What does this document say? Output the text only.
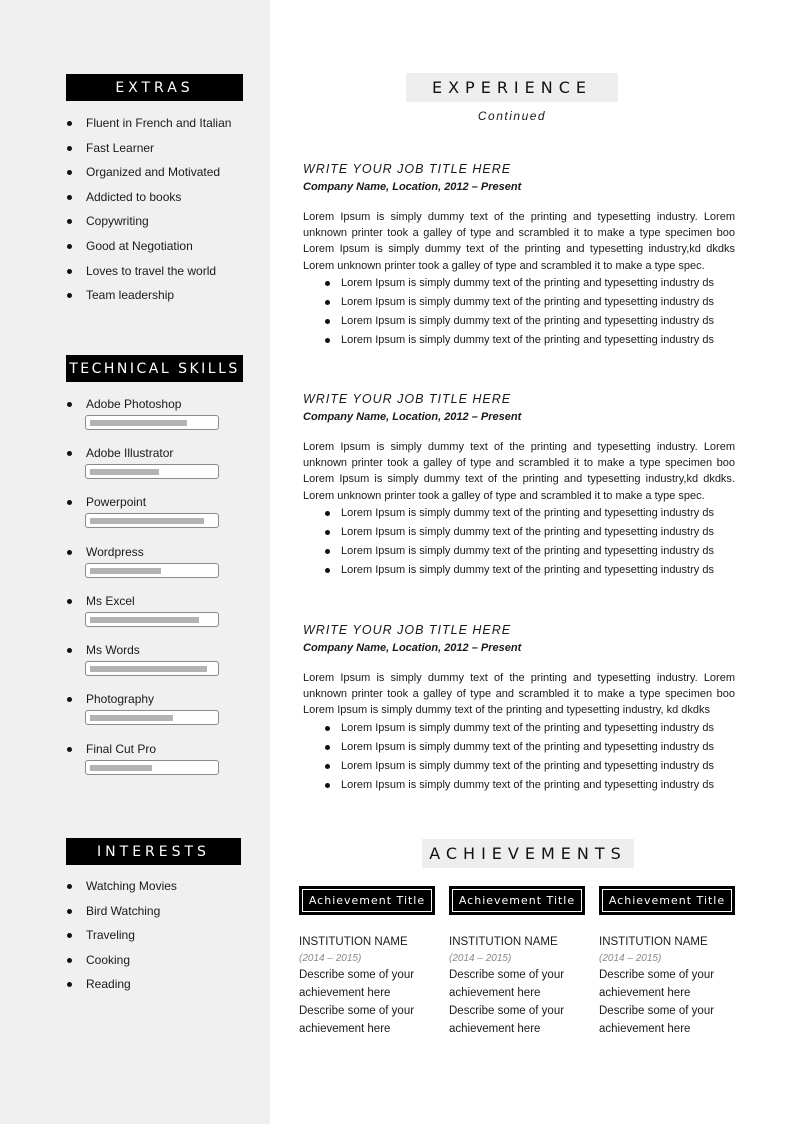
EXTRAS
Fluent in French and Italian
Fast Learner
Organized and Motivated
Addicted to books
Copywriting
Good at Negotiation
Loves to travel the world
Team leadership
TECHNICAL SKILLS
Adobe Photoshop
Adobe Illustrator
Powerpoint
Wordpress
Ms Excel
Ms Words
Photography
Final Cut Pro
INTERESTS
Watching Movies
Bird Watching
Traveling
Cooking
Reading
EXPERIENCE
Continued
WRITE YOUR JOB TITLE HERE
Company Name, Location, 2012 – Present
Lorem Ipsum is simply dummy text of the printing and typesetting industry. Lorem unknown printer took a galley of type and scrambled it to make a type specimen boo Lorem Ipsum is simply dummy text of the printing and typesetting industry,kd dkdks Lorem unknown printer took a galley of type and scrambled it to make a type spec.
Lorem Ipsum is simply dummy text of the printing and typesetting industry ds
Lorem Ipsum is simply dummy text of the printing and typesetting industry ds
Lorem Ipsum is simply dummy text of the printing and typesetting industry ds
Lorem Ipsum is simply dummy text of the printing and typesetting industry ds
WRITE YOUR JOB TITLE HERE
Company Name, Location, 2012 – Present
Lorem Ipsum is simply dummy text of the printing and typesetting industry. Lorem unknown printer took a galley of type and scrambled it to make a type specimen boo Lorem Ipsum is simply dummy text of the printing and typesetting industry,kd dkdks. Lorem unknown printer took a galley of type and scrambled it to make a type spec.
Lorem Ipsum is simply dummy text of the printing and typesetting industry ds
Lorem Ipsum is simply dummy text of the printing and typesetting industry ds
Lorem Ipsum is simply dummy text of the printing and typesetting industry ds
Lorem Ipsum is simply dummy text of the printing and typesetting industry ds
WRITE YOUR JOB TITLE HERE
Company Name, Location, 2012 – Present
Lorem Ipsum is simply dummy text of the printing and typesetting industry. Lorem unknown printer took a galley of type and scrambled it to make a type specimen boo Lorem Ipsum is simply dummy text of the printing and typesetting industry, kd dkdks
Lorem Ipsum is simply dummy text of the printing and typesetting industry ds
Lorem Ipsum is simply dummy text of the printing and typesetting industry ds
Lorem Ipsum is simply dummy text of the printing and typesetting industry ds
Lorem Ipsum is simply dummy text of the printing and typesetting industry ds
ACHIEVEMENTS
Achievement Title
INSTITUTION NAME
(2014 – 2015)
Describe some of your achievement here
Describe some of your achievement here
Achievement Title
INSTITUTION NAME
(2014 – 2015)
Describe some of your achievement here
Describe some of your achievement here
Achievement Title
INSTITUTION NAME
(2014 – 2015)
Describe some of your achievement here
Describe some of your achievement here
